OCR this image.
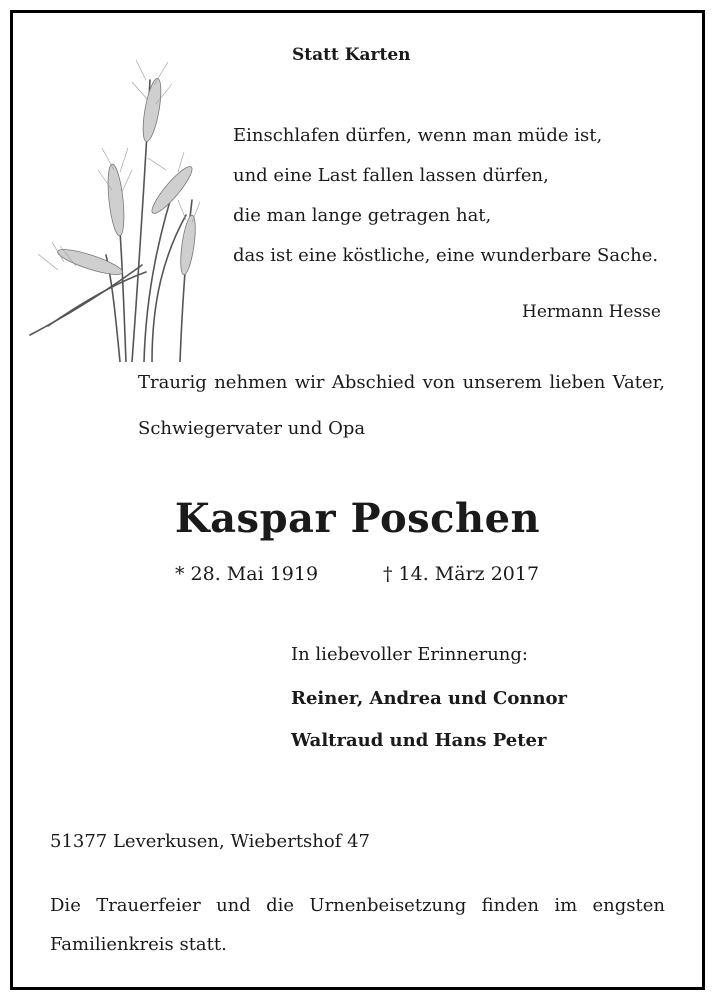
Statt Karten
Einschlafen dürfen, wenn man müde ist,
und eine Last fallen lassen dürfen,
die man lange getragen hat,
das ist eine köstliche, eine wunderbare Sache.
Hermann Hesse
Traurig nehmen wir Abschied von unserem lieben Vater,
Schwiegervater und Opa
Kaspar Poschen
* 28. Mai 1919	† 14. März 2017
In liebevoller Erinnerung:
Reiner, Andrea und Connor
Waltraud und Hans Peter
51377 Leverkusen, Wiebertshof 47
Die Trauerfeier und die Urnenbeisetzung finden im engsten
Familienkreis statt.
